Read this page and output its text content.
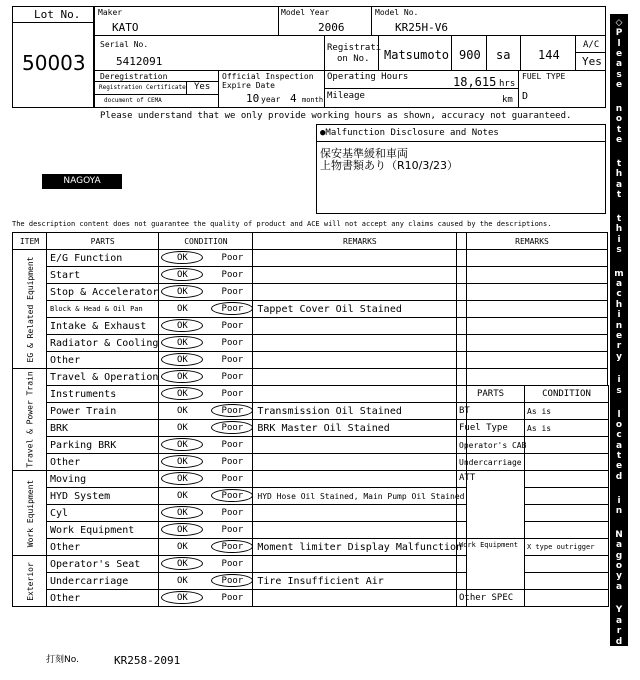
Lot No.
50003
Maker
KATO
Model Year
2006
Model No.
KR25H-V6
Serial No.
5412091
Registrati
on No. Matsumoto 900 sa 144
A/C
Yes
Deregistration
Registration Certificate Yes
document of CEMA
Official Inspection
Expire Date
10 year 4 month
Operating Hours	18,615 hrs
Mileage	km
FUEL TYPE
D
Please understand that we only provide working hours as shown, accuracy not guaranteed.
NAGOYA
●Malfunction Disclosure and Notes
保安基準緩和車両
上物書類あり（R10/3/23）
The description content does not guarantee the quality of product and ACE will not accept any claims caused by the descriptions.
ITEM	PARTS	CONDITION	REMARKS

EG & Related Equipment	E/G Function	OK Poor	

	Start	OK Poor	

	Stop & Accelerator	OK Poor	

	Block & Head & Oil Pan	OK Poor	Tappet Cover Oil Stained
	Intake & Exhaust	OK Poor	

	Radiator & Cooling	OK Poor	

	Other	OK Poor	

Travel & Power Train	Travel & Operation	OK Poor	

	Instruments	OK Poor	

	Power Train	OK Poor	Transmission Oil Stained
	BRK	OK Poor	BRK Master Oil Stained
	Parking BRK	OK Poor	

	Other	OK Poor	

Work Equipment	Moving	OK Poor	

	HYD System	OK Poor	HYD Hose Oil Stained, Main Pump Oil Stained
	Cyl	OK Poor	

	Work Equipment	OK Poor	

	Other	OK Poor	Moment limiter Display Malfunction

Exterior	Operator's Seat	OK Poor	

	Undercarriage	OK Poor	Tire Insufficient Air
	Other	OK Poor	

REMARKS

PARTS	CONDITION
BT	As is
Fuel Type	As is
Operator's CAB	
Undercarriage	
ATT	

Work Equipment	X type outrigger

Other SPEC	
◇
P
l
e
a
s
e

n
o
t
e

t
h
a
t

t
h
i
s

m
a
c
h
i
n
e
r
y

i
s

l
o
c
a
t
e
d

i
n

N
a
g
o
y
a

Y
a
r
d
◇
打刻No.	KR258-2091
